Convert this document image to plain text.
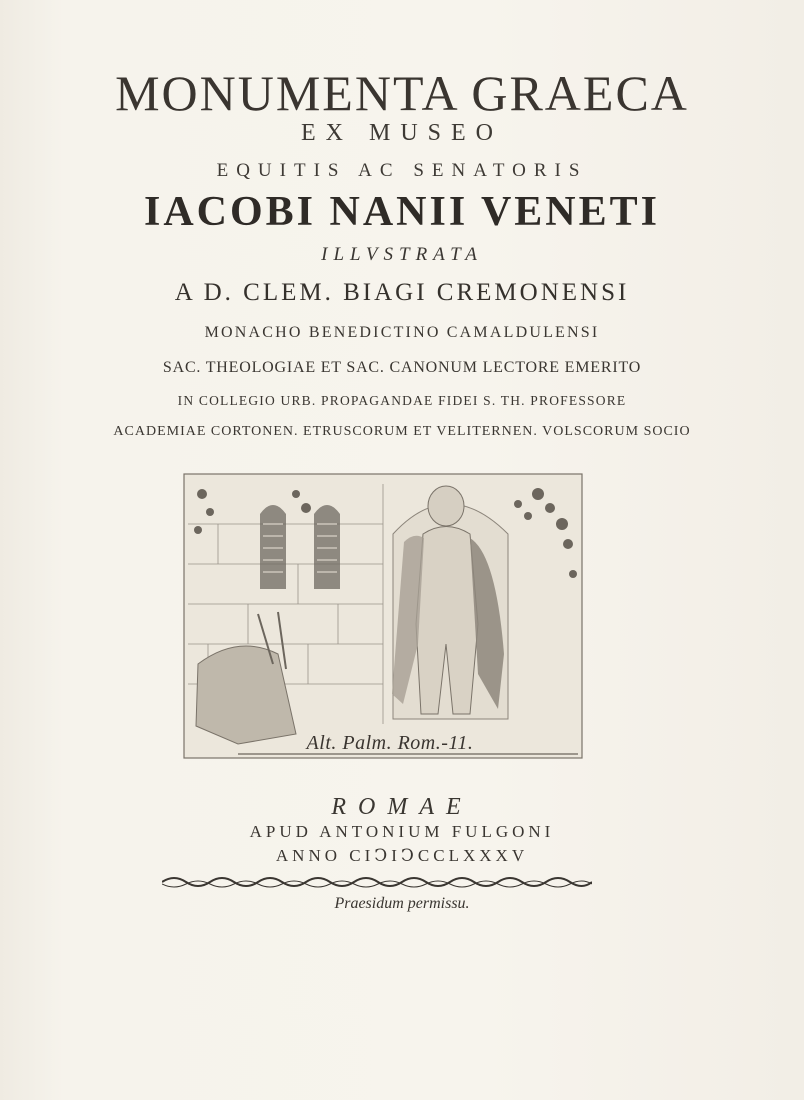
MONUMENTA GRAECA
EX MUSEO
EQUITIS AC SENATORIS
IACOBI NANII VENETI
ILLVSTRATA
A D. CLEM. BIAGI CREMONENSI
MONACHO BENEDICTINO CAMALDULENSI
SAC. THEOLOGIAE ET SAC. CANONUM LECTORE EMERITO
IN COLLEGIO URB. PROPAGANDAE FIDEI S. TH. PROFESSORE
ACADEMIAE CORTONEN. ETRUSCORUM ET VELITERNEN. VOLSCORUM SOCIO
Alt. Palm. Rom.-11.
ROMAE
APUD ANTONIUM FULGONI
ANNO CIↃIↃCCLXXXV
Praesidum permissu.
